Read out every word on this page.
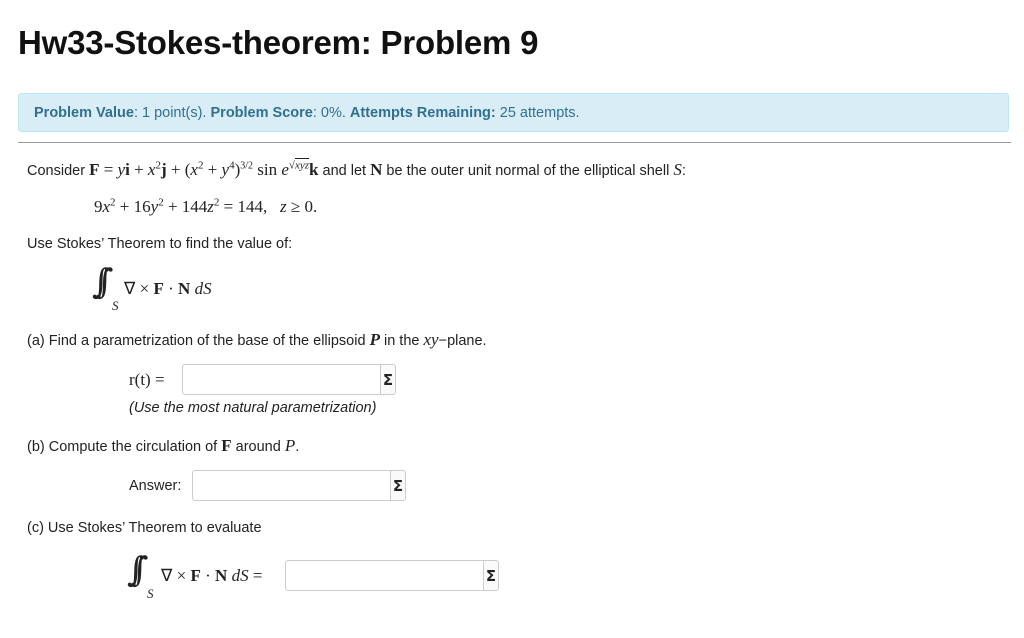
Hw33-Stokes-theorem: Problem 9
Problem Value: 1 point(s). Problem Score: 0%. Attempts Remaining: 25 attempts.
Consider F = yi + $x^2j + (x^2 + y^4)^{3/2}$ $\sin e^{√xyz}k$ and let N be the outer unit normal of the elliptical shell S:
$9x^2 + 16y^2 + 144z^2 = 144$,   z ≥ 0.
Use Stokes’ Theorem to find the value of:
∫∫
S
∇ × F · N dS
(a) Find a parametrization of the base of the ellipsoid P in the xy−plane.
r(t) =	Σ
(Use the most natural parametrization)
(b) Compute the circulation of F around P.
Answer:	Σ
(c) Use Stokes’ Theorem to evaluate
∫∫
S
∇ × F · N dS =	Σ
